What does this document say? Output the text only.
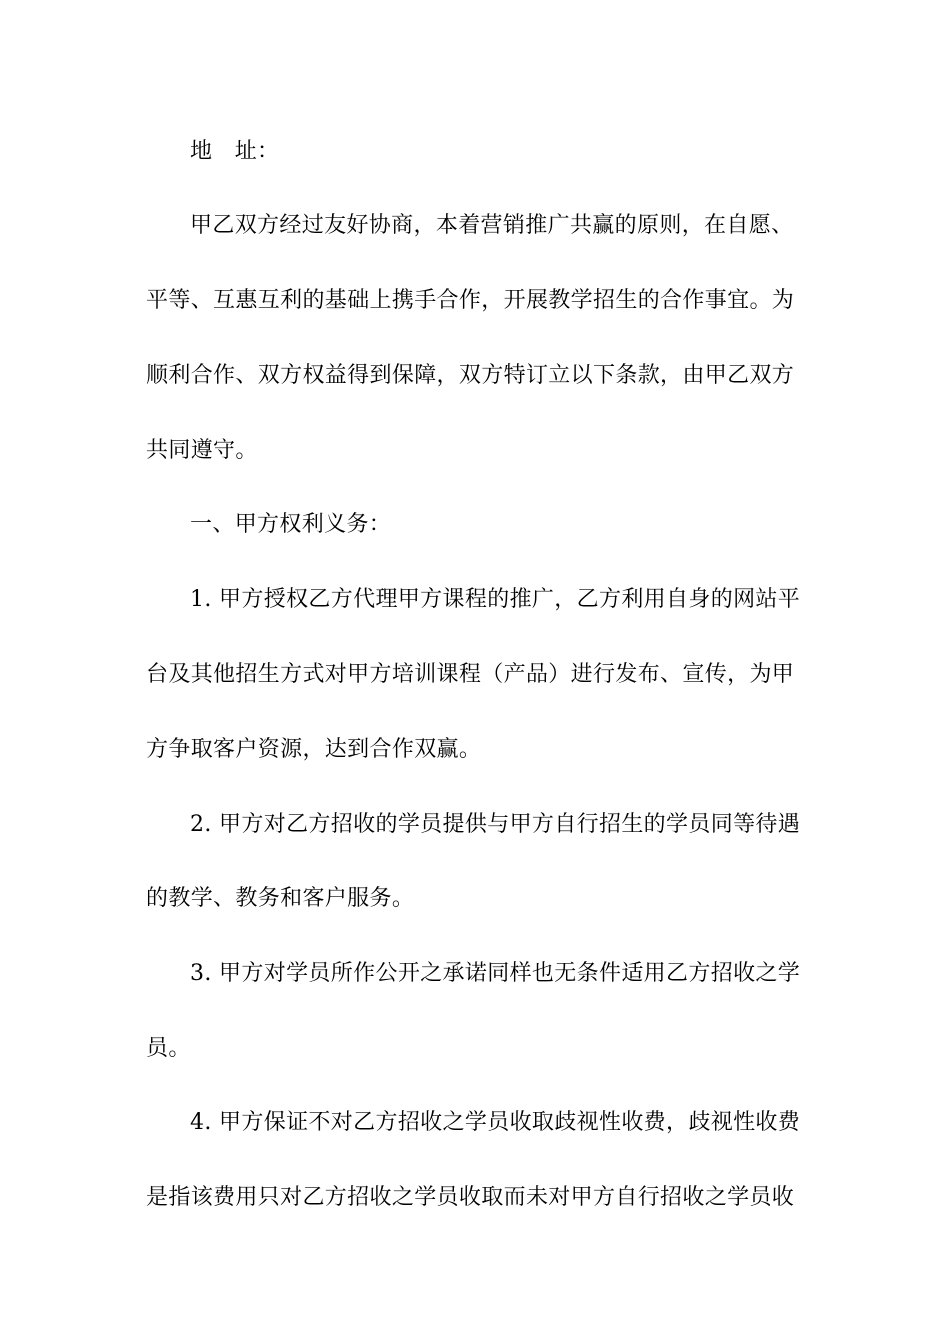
地　址：
甲乙双方经过友好协商，本着营销推广共赢的原则，在自愿、
平等、互惠互利的基础上携手合作，开展教学招生的合作事宜。为
顺利合作、双方权益得到保障，双方特订立以下条款，由甲乙双方
共同遵守。
一、甲方权利义务：
1. 甲方授权乙方代理甲方课程的推广，乙方利用自身的网站平
台及其他招生方式对甲方培训课程（产品）进行发布、宣传，为甲
方争取客户资源，达到合作双赢。
2. 甲方对乙方招收的学员提供与甲方自行招生的学员同等待遇
的教学、教务和客户服务。
3. 甲方对学员所作公开之承诺同样也无条件适用乙方招收之学
员。
4. 甲方保证不对乙方招收之学员收取歧视性收费，歧视性收费
是指该费用只对乙方招收之学员收取而未对甲方自行招收之学员收
